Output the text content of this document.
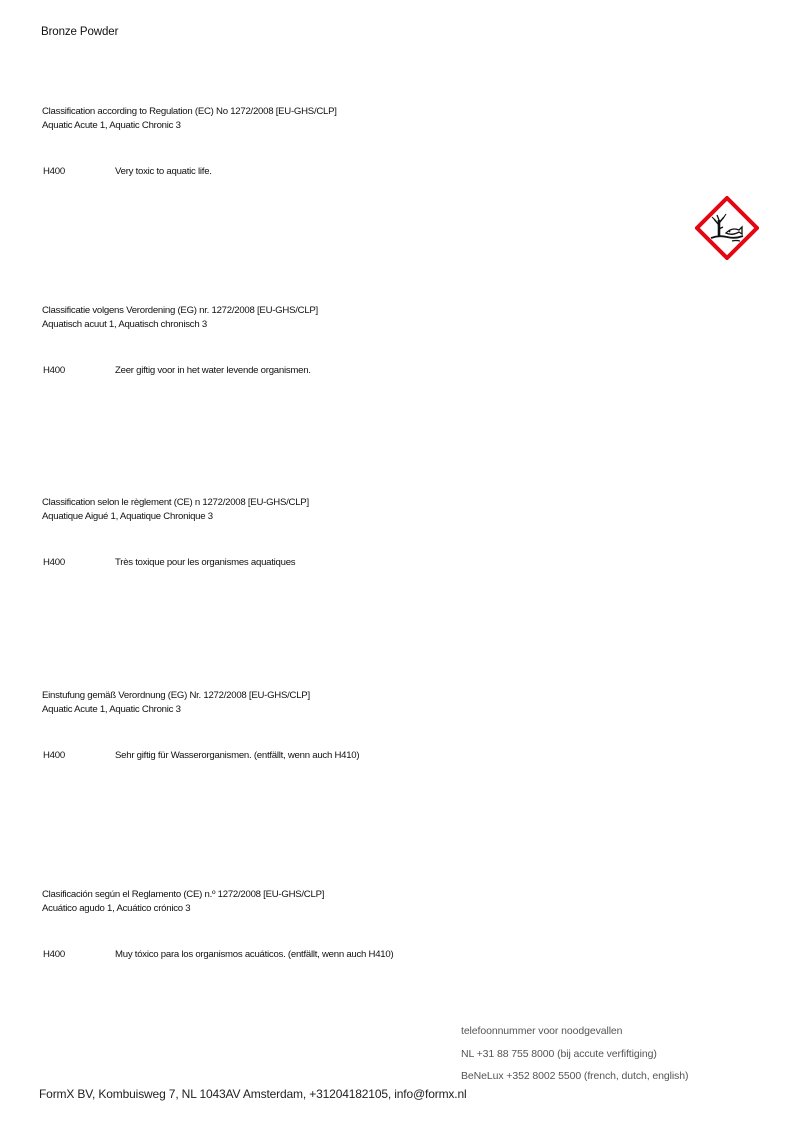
Bronze Powder
Classification according to Regulation (EC) No 1272/2008 [EU-GHS/CLP]
Aquatic Acute 1, Aquatic Chronic 3
H400	Very toxic to aquatic life.
Classificatie volgens Verordening (EG) nr. 1272/2008 [EU-GHS/CLP]
Aquatisch acuut 1, Aquatisch chronisch 3
H400	Zeer giftig voor in het water levende organismen.
Classification selon le règlement (CE) n 1272/2008 [EU-GHS/CLP]
Aquatique Aigué 1, Aquatique Chronique 3
H400	Très toxique pour les organismes aquatiques
Einstufung gemäß Verordnung (EG) Nr. 1272/2008 [EU-GHS/CLP]
Aquatic Acute 1, Aquatic Chronic 3
H400	Sehr giftig für Wasserorganismen. (entfällt, wenn auch H410)
Clasificación según el Reglamento (CE) n.º 1272/2008 [EU-GHS/CLP]
Acuático agudo 1, Acuático crónico 3
H400	Muy tóxico para los organismos acuáticos. (entfällt, wenn auch H410)
telefoonnummer voor noodgevallen
NL +31 88 755 8000 (bij accute verfiftiging)
BeNeLux +352 8002 5500 (french, dutch, english)
FormX BV, Kombuisweg 7, NL 1043AV Amsterdam, +31204182105, info@formx.nl
